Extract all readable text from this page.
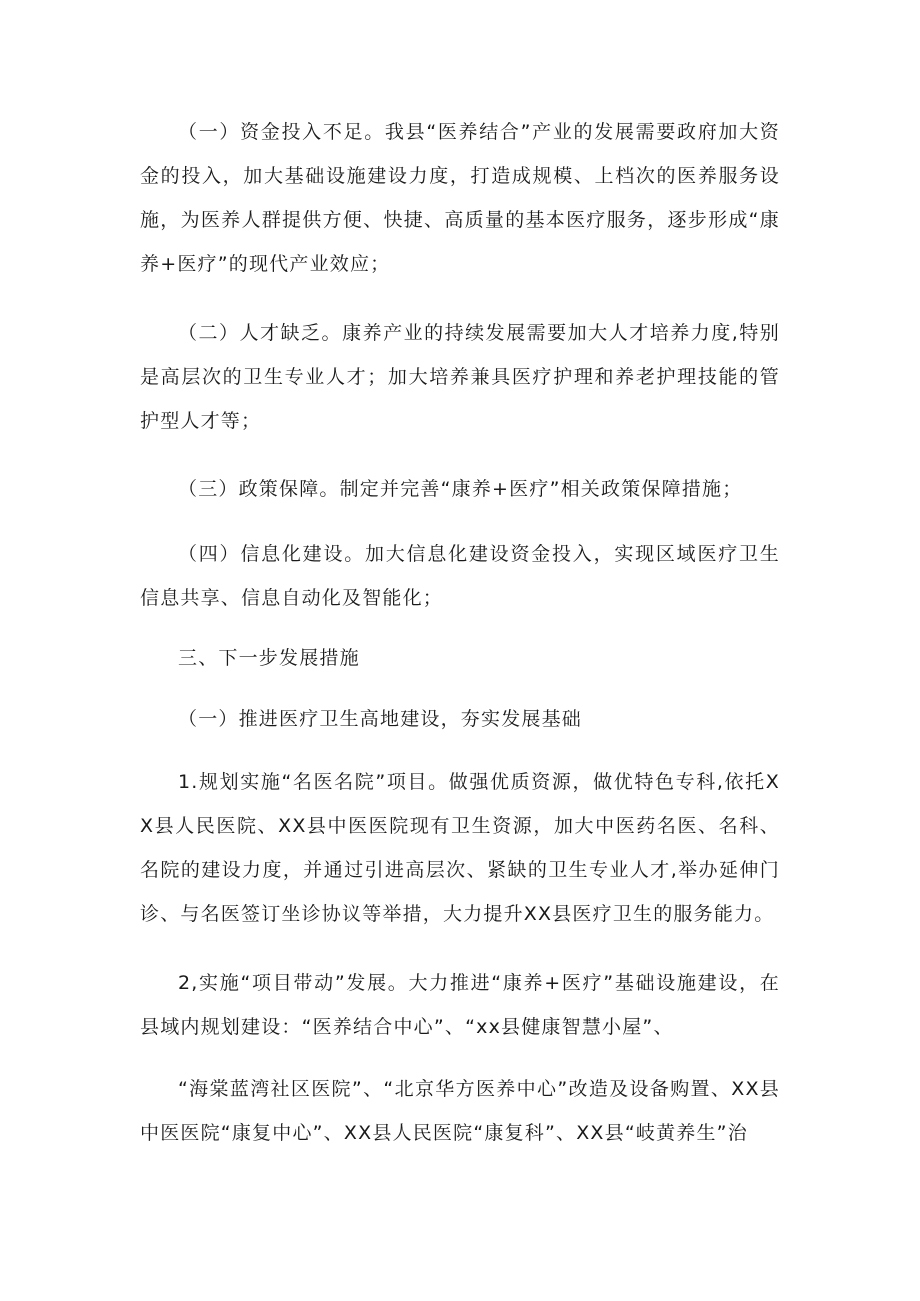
（一）资金投入不足。我县“医养结合”产业的发展需要政府加大资金的投入，加大基础设施建设力度，打造成规模、上档次的医养服务设施，为医养人群提供方便、快捷、高质量的基本医疗服务，逐步形成“康养+医疗”的现代产业效应；

（二）人才缺乏。康养产业的持续发展需要加大人才培养力度,特别是高层次的卫生专业人才；加大培养兼具医疗护理和养老护理技能的管护型人才等；

（三）政策保障。制定并完善“康养+医疗”相关政策保障措施；

（四）信息化建设。加大信息化建设资金投入，实现区域医疗卫生信息共享、信息自动化及智能化；

三、下一步发展措施

（一）推进医疗卫生高地建设，夯实发展基础

1.规划实施“名医名院”项目。做强优质资源，做优特色专科,依托XX县人民医院、XX县中医医院现有卫生资源，加大中医药名医、名科、名院的建设力度，并通过引进高层次、紧缺的卫生专业人才,举办延伸门诊、与名医签订坐诊协议等举措，大力提升XX县医疗卫生的服务能力。

2,实施“项目带动”发展。大力推进“康养+医疗”基础设施建设，在县域内规划建设：“医养结合中心”、“xx县健康智慧小屋”、

“海棠蓝湾社区医院”、“北京华方医养中心”改造及设备购置、XX县中医医院“康复中心”、XX县人民医院“康复科”、XX县“岐黄养生”治
